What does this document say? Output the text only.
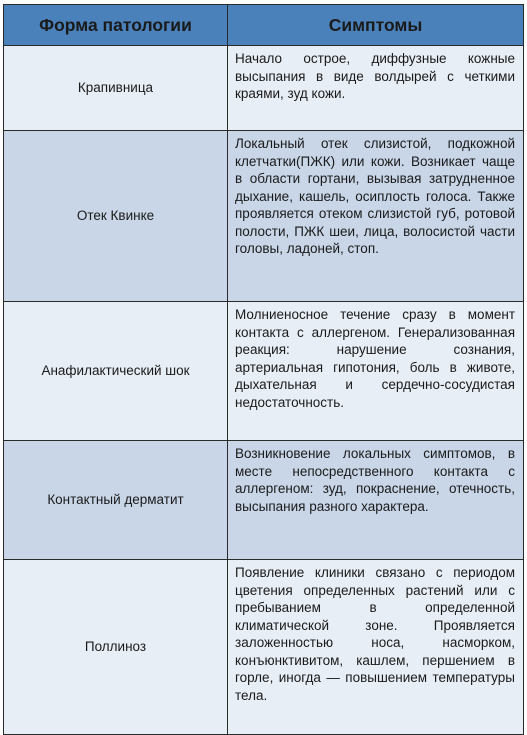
Форма патологии	Симптомы
Крапивница	Начало острое, диффузные кожные высыпания в виде волдырей с четкими краями, зуд кожи.
Отек Квинке	Локальный отек слизистой, подкожной клетчатки(ПЖК) или кожи. Возникает чаще в области гортани, вызывая затрудненное дыхание, кашель, осиплость голоса. Также проявляется отеком слизистой губ, ротовой полости, ПЖК шеи, лица, волосистой части головы, ладоней, стоп.
Анафилактический шок	Молниеносное течение сразу в момент контакта с аллергеном. Генерализованная реакция: нарушение сознания, артериальная гипотония, боль в животе, дыхательная и сердечно-сосудистая недостаточность.
Контактный дерматит	Возникновение локальных симптомов, в месте непосредственного контакта с аллергеном: зуд, покраснение, отечность, высыпания разного характера.
Поллиноз	Появление клиники связано с периодом цветения определенных растений или с пребыванием в определенной климатической зоне. Проявляется заложенностью носа, насморком, конъюнктивитом, кашлем, першением в горле, иногда — повышением температуры тела.
